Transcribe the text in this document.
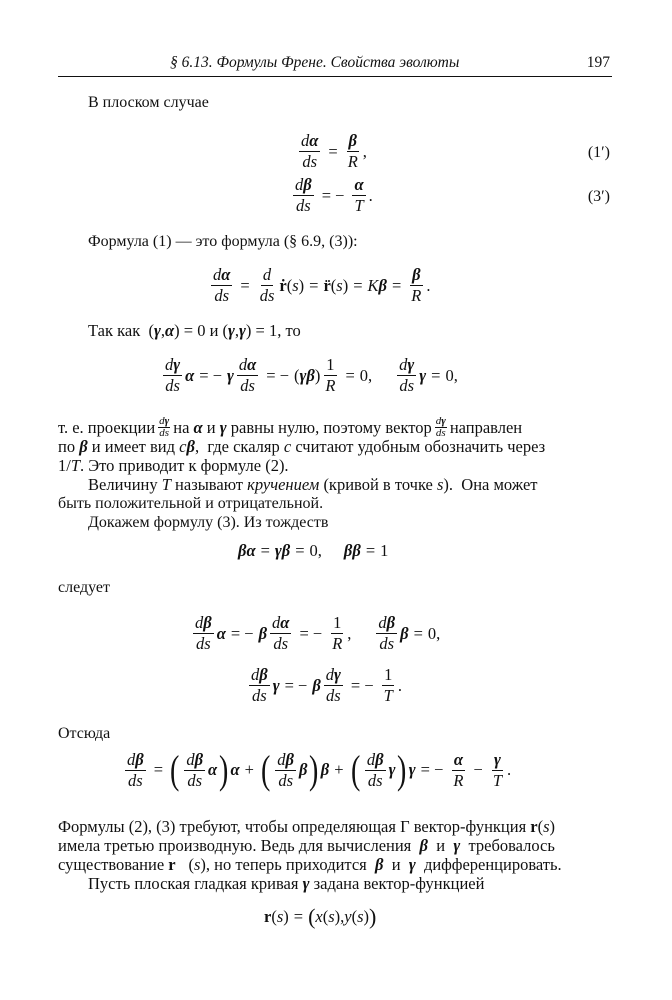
§ 6.13. Формулы Френе. Свойства эволюты	197
В плоском случае
$\frac{d\alpha}{ds} = \frac{\beta}{R}$ ,	(1′)
$\frac{d\beta}{ds}$ = − $\frac{\alpha}{T}$ .	(3′)
Формула (1) — это формула (§ 6.9, (3)):
$\frac{d\alpha}{ds} = \frac{d}{ds}$ ṙ ( s ) = r̈ ( s ) = K $\beta = \frac{\beta}{R}$ .
Так как ( γ , α ) = 0
и ( γ , γ ) = 1 , то
$\frac{d\gamma}{ds}$ α = − γ $\frac{d\alpha}{ds}$ = − ( γ β ) $\frac{1}{R} = 0$ , $\frac{d\gamma}{ds}$ γ = 0 ,
т. е. проекции dγ
ds на
α
и
γ
равны нулю, поэтому вектор dγ
ds направлен
по
β
и имеет вид
c β , где скаляр
c
считают удобным обозначить через
1 / T . Это приводит к формуле (2).
Величину
T
называют
кручением
(кривой в точке
s ). Она может
быть положительной и отрицательной.
Докажем формулу (3). Из тождеств
β α = γ β = 0 , β β = 1
следует
$\frac{d\beta}{ds}$ α = − β $\frac{d\alpha}{ds}$ = − $\frac{1}{R}$ , $\frac{d\beta}{ds}$ β = 0 ,
$\frac{d\beta}{ds}$ γ = − β $\frac{d\gamma}{ds}$ = − $\frac{1}{T}$ .
Отсюда
$\frac{d\beta}{ds}$ = ( $\frac{d\beta}{ds}$ α ) α + ( $\frac{d\beta}{ds}$ β ) β + ( $\frac{d\beta}{ds}$ γ ) γ = − $\frac{\alpha}{R} - \frac{\gamma}{T}$ .
Формулы (2), (3) требуют, чтобы определяющая Г вектор-функция
r ( s )
имела третью производную. Ведь для вычисления
β
и
γ
требовалось
существование
r⃛ ( s ), но теперь приходится
β
и
γ
дифференцировать.
Пусть плоская гладкая кривая
γ
задана вектор-функцией
r ( s ) = ( x ( s ), y ( s ) )
